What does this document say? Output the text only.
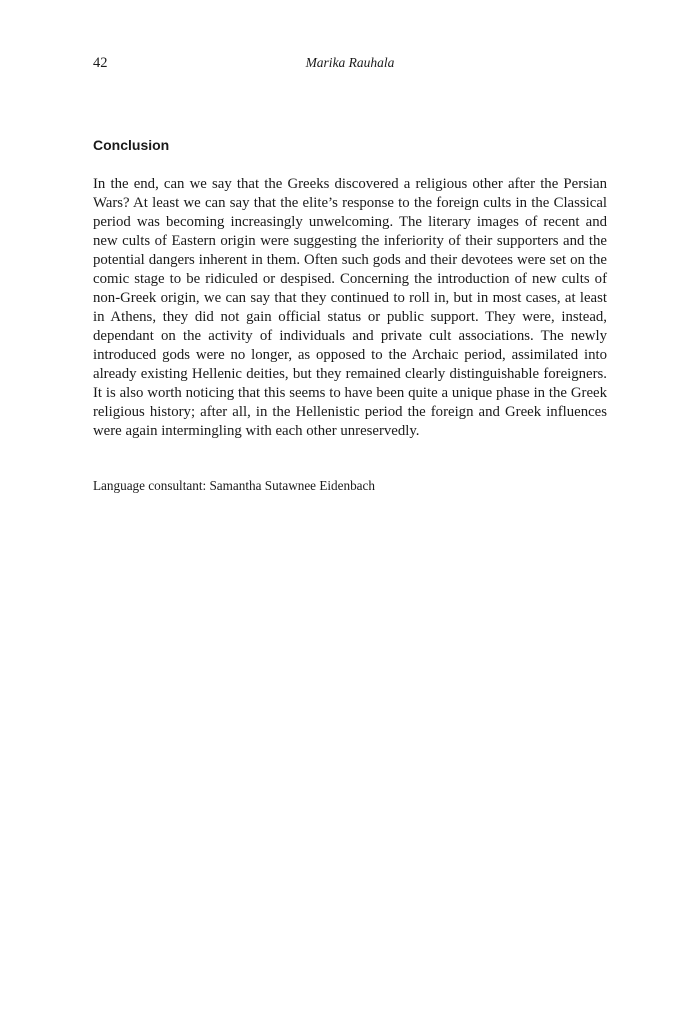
42	Marika Rauhala
Conclusion

In the end, can we say that the Greeks discovered a religious other after the Persian Wars? At least we can say that the elite’s response to the foreign cults in the Classical period was becoming increasingly unwelcoming. The literary images of recent and new cults of Eastern origin were suggesting the inferiority of their supporters and the potential dangers inherent in them. Often such gods and their devotees were set on the comic stage to be ridiculed or despised. Concerning the introduction of new cults of non-Greek origin, we can say that they continued to roll in, but in most cases, at least in Athens, they did not gain official status or public support. They were, instead, dependant on the activity of individuals and private cult associations. The newly introduced gods were no longer, as opposed to the Archaic period, assimilated into already existing Hellenic deities, but they remained clearly distinguishable foreigners. It is also worth noticing that this seems to have been quite a unique phase in the Greek religious history; after all, in the Hellenistic period the foreign and Greek influences were again intermingling with each other unreservedly.

Language consultant: Samantha Sutawnee Eidenbach
